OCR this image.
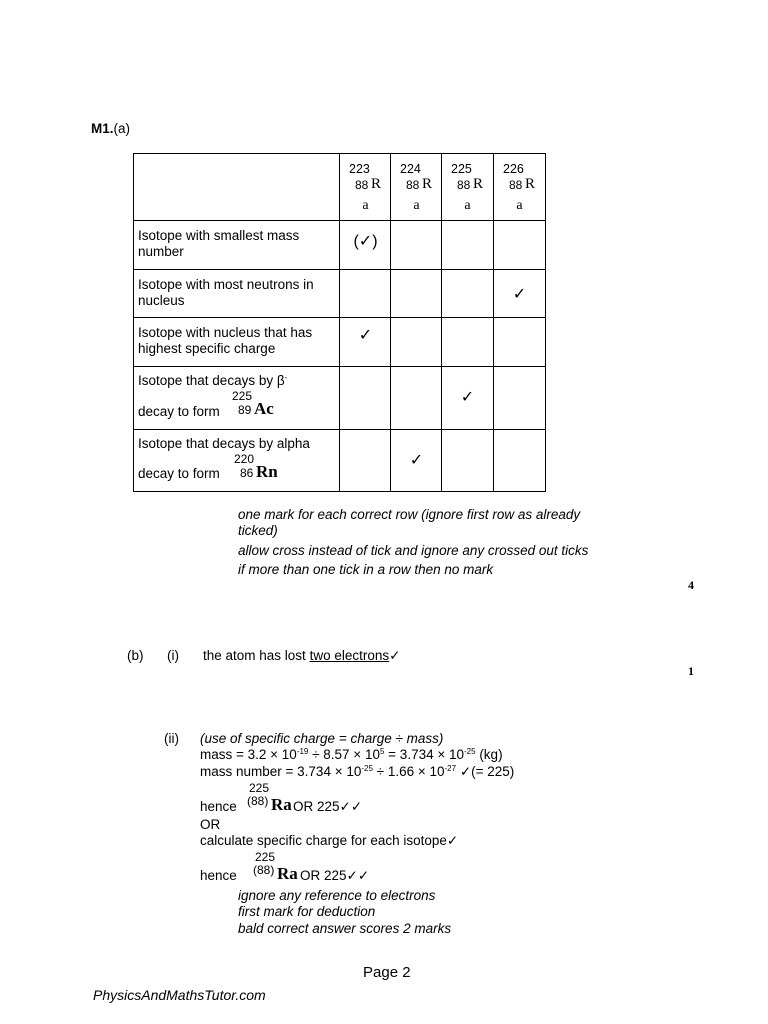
M1.(a)
223
88 R
a
224
88 R
a
225
88 R
a
226
88 R
a
Isotope with smallest mass number
(✓)
Isotope with most neutrons in nucleus	✓
Isotope with nucleus that has highest specific charge
✓
Isotope that decays by β-
decay to form
225
89 Ac
✓
Isotope that decays by alpha
decay to form
220
86 Rn
✓
one mark for each correct row (ignore first row as already
ticked)
allow cross instead of tick and ignore any crossed out ticks
if more than one tick in a row then no mark
4
(b) (i) the atom has lost two electrons✓
1
(ii) (use of specific charge = charge ÷ mass)
mass = $3.2 \times 10^{-19} \div 8.57 \times 10^5 = 3.734 \times 10^{-25}$ (kg)
mass number = $3.734 \times 10^{-25} \div 1.66 \times 10^{-27}$ ✓(= 225)
hence
225
(88) Ra OR 225✓✓
OR
calculate specific charge for each isotope✓
hence
225
(88) Ra OR 225✓✓
ignore any reference to electrons
first mark for deduction
bald correct answer scores 2 marks
Page 2
PhysicsAndMathsTutor.com
